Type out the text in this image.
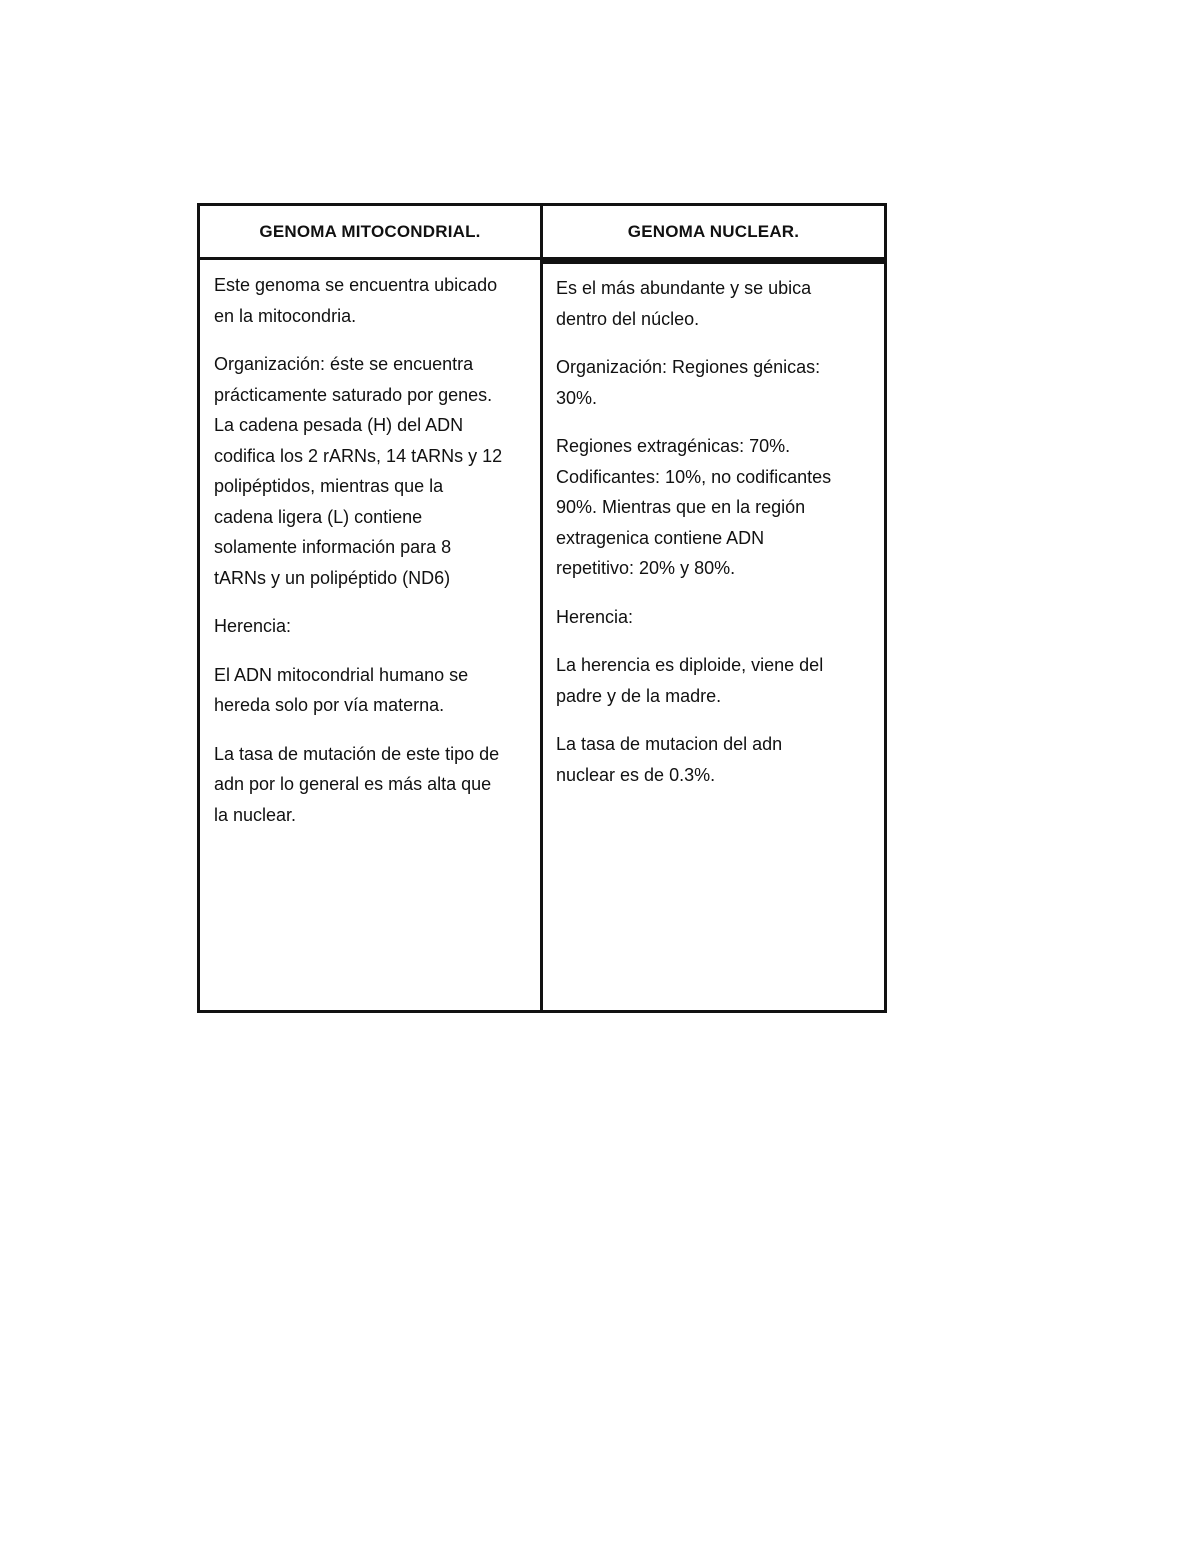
GENOMA MITOCONDRIAL.	GENOMA NUCLEAR.

Este genoma se encuentra ubicado
en la mitocondria.

Organización: éste se encuentra
prácticamente saturado por genes.
La cadena pesada (H) del ADN
codifica los 2 rARNs, 14 tARNs y 12
polipéptidos, mientras que la
cadena ligera (L) contiene
solamente información para 8
tARNs y un polipéptido (ND6)

Herencia:

El ADN mitocondrial humano se
hereda solo por vía materna.

La tasa de mutación de este tipo de
adn por lo general es más alta que
la nuclear.

Es el más abundante y se ubica
dentro del núcleo.

Organización: Regiones génicas:
30%.

Regiones extragénicas: 70%.
Codificantes: 10%, no codificantes
90%. Mientras que en la región
extragenica contiene ADN
repetitivo: 20% y 80%.

Herencia:

La herencia es diploide, viene del
padre y de la madre.

La tasa de mutacion del adn
nuclear es de 0.3%.
